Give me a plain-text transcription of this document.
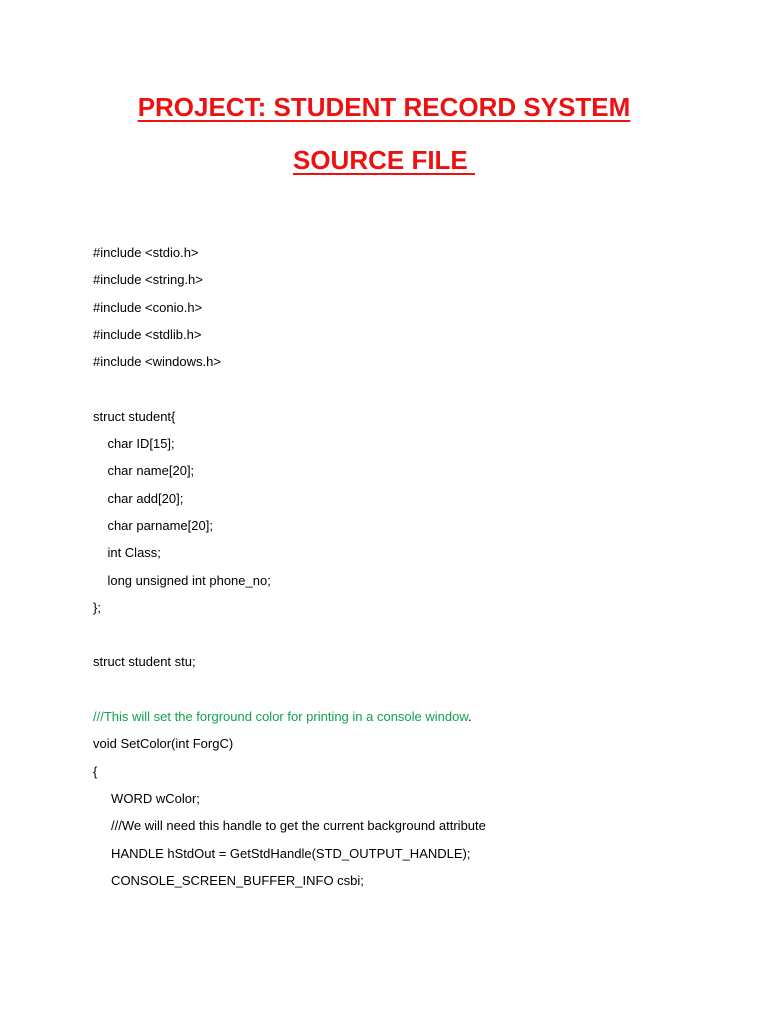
PROJECT: STUDENT RECORD SYSTEM
SOURCE FILE
#include <stdio.h>
#include <string.h>
#include <conio.h>
#include <stdlib.h>
#include <windows.h>
struct student{
char ID[15];
char name[20];
char add[20];
char parname[20];
int Class;
long unsigned int phone_no;
};
struct student stu;
///This will set the forground color for printing in a console window.
void SetColor(int ForgC)
{
WORD wColor;
///We will need this handle to get the current background attribute
HANDLE hStdOut = GetStdHandle(STD_OUTPUT_HANDLE);
CONSOLE_SCREEN_BUFFER_INFO csbi;
